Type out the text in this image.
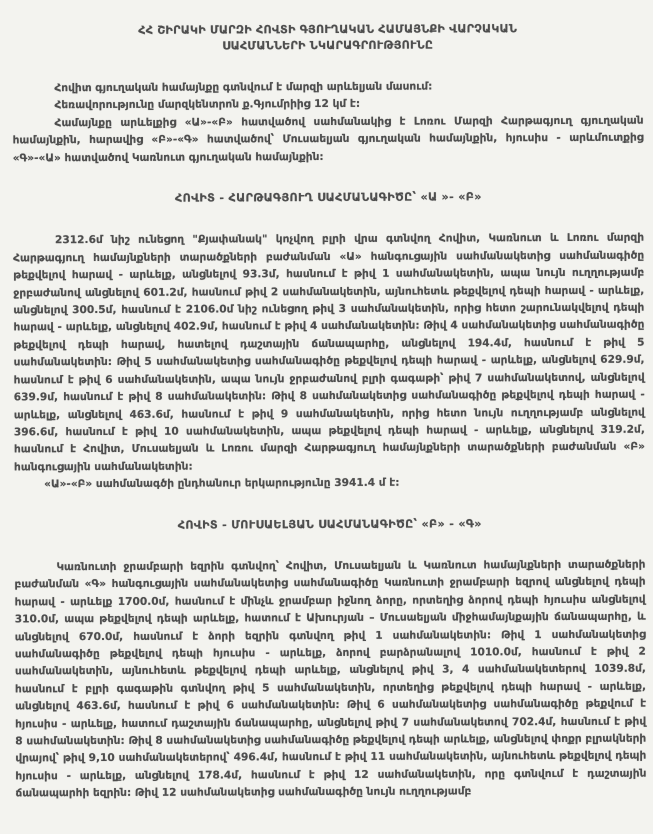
ՀՀ ՇԻՐԱԿԻ ՄԱՐԶԻ ՀՈՎՏԻ ԳՅՈՒՂԱԿԱՆ ՀԱՄԱՅՆՔԻ ՎԱՐՉԱԿԱՆ
ՍԱՀՄԱՆՆԵՐԻ ՆԿԱՐԱԳՐՈՒԹՅՈՒՆԸ

Հովիտ գյուղական համայնքը գտնվում է մարզի արևելյան մասում:

Հեռավորությունը մարզկենտրոն ք.Գյումրիից 12 կմ է:

Համայնքը արևելքից «Ա»-«Բ» հատվածով սահմանակից է Լոռու Մարզի Հարթագյուղ գյուղական համայնքին, հարավից «Բ»-«Գ» հատվածով՝ Մուսաելյան գյուղական համայնքին, հյուսիս - արևմուտքից «Գ»-«Ա» հատվածով Կառնուտ գյուղական համայնքին:

ՀՈՎԻՏ - ՀԱՐԹԱԳՅՈՒՂ ՍԱՀՄԱՆԱԳԻԾԸ՝ «Ա »- «Բ»

2312.6մ նիշ ունեցող "Քյափանակ" կոչվող բլրի վրա գտնվող Հովիտ, Կառնուտ և Լոռու մարզի Հարթագյուղ համայնքների տարածքների բաժանման «Ա» հանգուցային սահմանակետից սահմանագիծը թեքվելով հարավ - արևելք, անցնելով 93.3մ, հասնում է թիվ 1 սահմանակետին, ապա նույն ուղղությամբ ջրբաժանով անցնելով 601.2մ, հասնում թիվ 2 սահմանակետին, այնուհետև թեքվելով դեպի հարավ - արևելք, անցնելով 300.5մ, հասնում է 2106.0մ նիշ ունեցող թիվ 3 սահմանակետին, որից հետո շարունակվելով դեպի հարավ - արևելք, անցնելով 402.9մ, հասնում է թիվ 4 սահմանակետին: Թիվ 4 սահմանակետից սահմանագիծը թեքվելով դեպի հարավ, հատելով դաշտային ճանապարհը, անցնելով 194.4մ, հասնում է թիվ 5 սահմանակետին: Թիվ 5 սահմանակետից սահմանագիծը թեքվելով դեպի հարավ - արևելք, անցնելով 629.9մ, հասնում է թիվ 6 սահմանակետին, ապա նույն ջրբաժանով բլրի գագաթի՝ թիվ 7 սահմանակետով, անցնելով 639.9մ, հասնում է թիվ 8 սահմանակետին: Թիվ 8 սահմանակետից սահմանագիծը թեքվելով դեպի հարավ - արևելք, անցնելով 463.6մ, հասնում է թիվ 9 սահմանակետին, որից հետո նույն ուղղությամբ անցնելով 396.6մ, հասնում է թիվ 10 սահմանակետին, ապա թեքվելով դեպի հարավ - արևելք, անցնելով 319.2մ, հասնում է Հովիտ, Մուսաելյան և Լոռու մարզի Հարթագյուղ համայնքների տարածքների բաժանման «Բ» հանգուցային սահմանակետին:

«Ա»-«Բ» սահմանագծի ընդհանուր երկարությունը 3941.4 մ է:

ՀՈՎԻՏ - ՄՈՒՍԱԵԼՅԱՆ ՍԱՀՄԱՆԱԳԻԾԸ՝ «Բ» - «Գ»

Կառնուտի ջրամբարի եզրին գտնվող՝ Հովիտ, Մուսաելյան և Կառնուտ համայնքների տարածքների բաժանման «Գ» հանգուցային սահմանակետից սահմանագիծը Կառնուտի ջրամբարի եզրով անցնելով դեպի հարավ - արևելք 1700.0մ, հասնում է մինչև ջրամբար իջնող ձորը, որտեղից ձորով դեպի հյուսիս անցնելով 310.0մ, ապա թեքվելով դեպի արևելք, հատում է Ախուրյան – Մուսաելյան միջհամայնքային ճանապարհը, և անցնելով 670.0մ, հասնում է ձորի եզրին գտնվող թիվ 1 սահմանակետին: Թիվ 1 սահմանակետից սահմանագիծը թեքվելով դեպի հյուսիս - արևելք, ձորով բարձրանալով 1010.0մ, հասնում է թիվ 2 սահմանակետին, այնուհետև թեքվելով դեպի արևելք, անցնելով թիվ 3, 4 սահմանակետերով 1039.8մ, հասնում է բլրի գագաթին գտնվող թիվ 5 սահմանակետին, որտեղից թեքվելով դեպի հարավ - արևելք, անցնելով 463.6մ, հասնում է թիվ 6 սահմանակետին: Թիվ 6 սահմանակետից սահմանագիծը թեքվում է հյուսիս - արևելք, հատում դաշտային ճանապարհը, անցնելով թիվ 7 սահմանակետով 702.4մ, հասնում է թիվ 8 սահմանակետին: Թիվ 8 սահմանակետից սահմանագիծը թեքվելով դեպի արևելք, անցնելով փոքր բլրակների վրայով՝ թիվ 9,10 սահմանակետերով՝ 496.4մ, հասնում է թիվ 11 սահմանակետին, այնուհետև թեքվելով դեպի հյուսիս - արևելք, անցնելով 178.4մ, հասնում է թիվ 12 սահմանակետին, որը գտնվում է դաշտային ճանապարհի եզրին: Թիվ 12 սահմանակետից սահմանագիծը նույն ուղղությամբ
